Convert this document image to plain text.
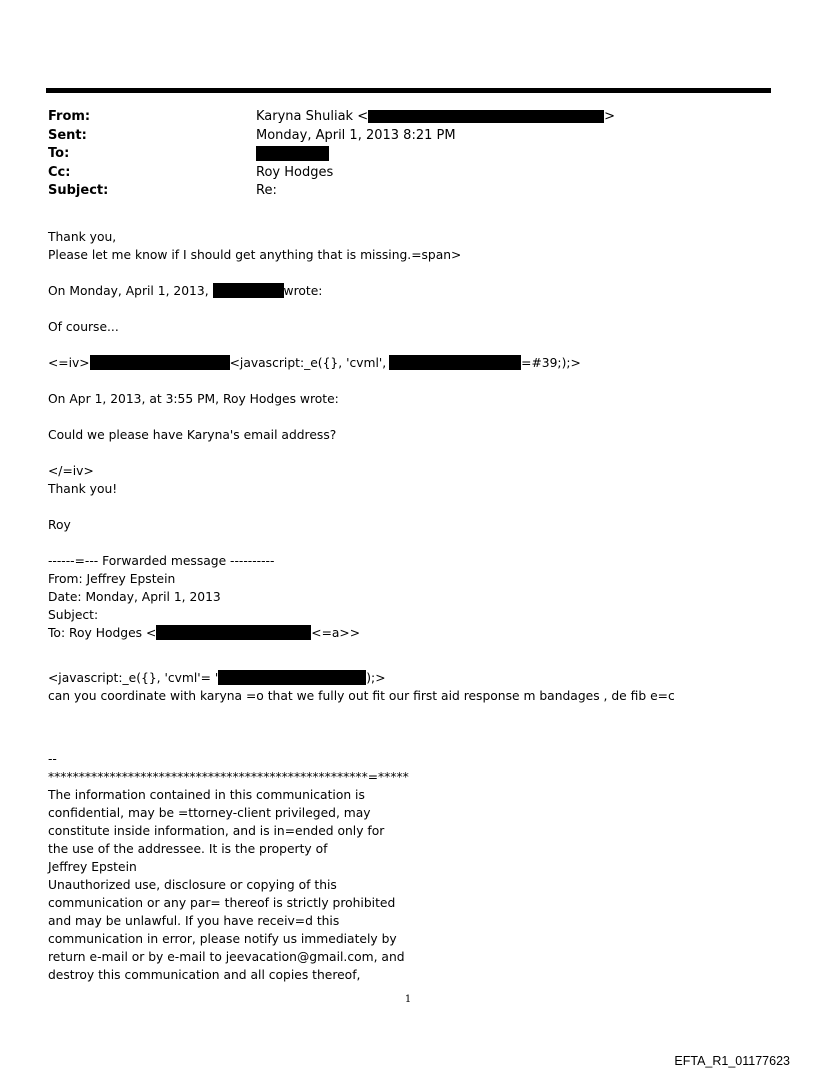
From:	Karyna Shuliak <	>
Sent:	Monday, April 1, 2013 8:21 PM
To:
Cc:	Roy Hodges
Subject:	Re:

Thank you,

Please let me know if I should get anything that is missing.=span>

On Monday, April 1, 2013,	wrote:

Of course...

<=iv>	<javascript:_e({}, 'cvml',	=#39;);>

On Apr 1, 2013, at 3:55 PM, Roy Hodges wrote:

Could we please have Karyna's email address?

</=iv>

Thank you!

Roy

------=--- Forwarded message ----------

From: Jeffrey Epstein

Date: Monday, April 1, 2013

Subject:

To: Roy Hodges <	<=a>>

<javascript:_e({}, 'cvml'= '	);>

can you coordinate with karyna =o that we fully out fit our first aid response m bandages , de fib e=c

--

****************************************************=*****

The information contained in this communication is

confidential, may be =ttorney-client privileged, may

constitute inside information, and is in=ended only for

the use of the addressee. It is the property of

Jeffrey Epstein

Unauthorized use, disclosure or copying of this

communication or any par= thereof is strictly prohibited

and may be unlawful. If you have receiv=d this

communication in error, please notify us immediately by

return e-mail or by e-mail to jeevacation@gmail.com, and

destroy this communication and all copies thereof,

1
EFTA_R1_01177623
